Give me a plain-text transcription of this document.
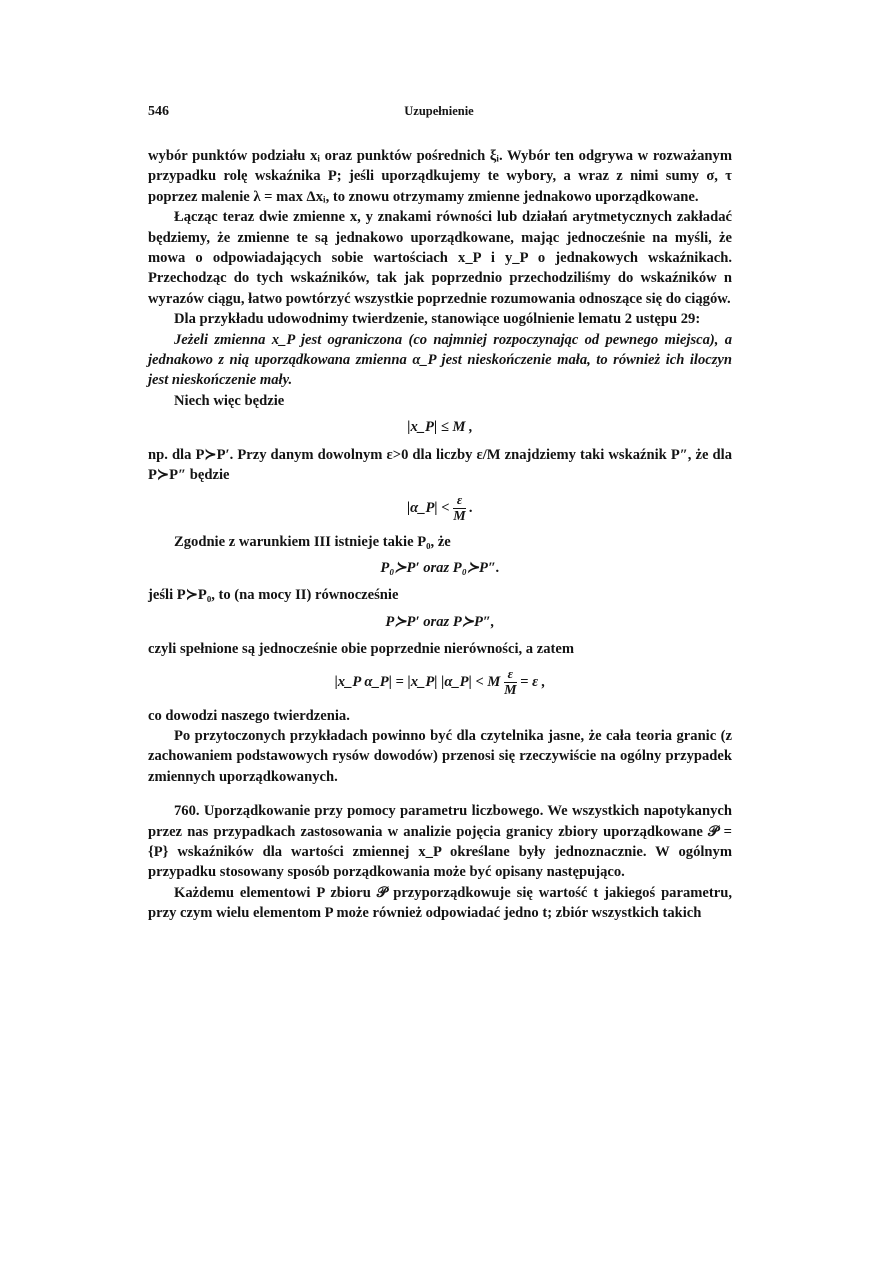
546	Uzupełnienie

wybór punktów podziału xᵢ oraz punktów pośrednich ξᵢ. Wybór ten odgrywa w rozważanym przypadku rolę wskaźnika P; jeśli uporządkujemy te wybory, a wraz z nimi sumy σ, τ poprzez malenie λ = max Δxᵢ, to znowu otrzymamy zmienne jednakowo uporządkowane.

Łącząc teraz dwie zmienne x, y znakami równości lub działań arytmetycznych zakładać będziemy, że zmienne te są jednakowo uporządkowane, mając jednocześnie na myśli, że mowa o odpowiadających sobie wartościach x_P i y_P o jednakowych wskaźnikach. Przechodząc do tych wskaźników, tak jak poprzednio przechodziliśmy do wskaźników n wyrazów ciągu, łatwo powtórzyć wszystkie poprzednie rozumowania odnoszące się do ciągów.

Dla przykładu udowodnimy twierdzenie, stanowiące uogólnienie lematu 2 ustępu 29:

Jeżeli zmienna x_P jest ograniczona (co najmniej rozpoczynając od pewnego miejsca), a jednakowo z nią uporządkowana zmienna α_P jest nieskończenie mała, to również ich iloczyn jest nieskończenie mały.

Niech więc będzie

|x_P| ≤ M ,

np. dla P≻P′. Przy danym dowolnym ε>0 dla liczby ε/M znajdziemy taki wskaźnik P″, że dla P≻P″ będzie

|α_P| < $\frac{\varepsilon}{M}$ .

Zgodnie z warunkiem III istnieje takie P₀, że

P₀≻P′ oraz P₀≻P″.

jeśli P≻P₀, to (na mocy II) równocześnie

P≻P′ oraz P≻P″,

czyli spełnione są jednocześnie obie poprzednie nierówności, a zatem

|x_P α_P| = |x_P| |α_P| < M $\frac{\varepsilon}{M} = \varepsilon$ ,

co dowodzi naszego twierdzenia.

Po przytoczonych przykładach powinno być dla czytelnika jasne, że cała teoria granic (z zachowaniem podstawowych rysów dowodów) przenosi się rzeczywiście na ogólny przypadek zmiennych uporządkowanych.

760. Uporządkowanie przy pomocy parametru liczbowego. We wszystkich napotykanych przez nas przypadkach zastosowania w analizie pojęcia granicy zbiory uporządkowane 𝒫 = {P} wskaźników dla wartości zmiennej x_P określane były jednoznacznie. W ogólnym przypadku stosowany sposób porządkowania może być opisany następująco.

Każdemu elementowi P zbioru 𝒫 przyporządkowuje się wartość t jakiegoś parametru, przy czym wielu elementom P może również odpowiadać jedno t; zbiór wszystkich takich
